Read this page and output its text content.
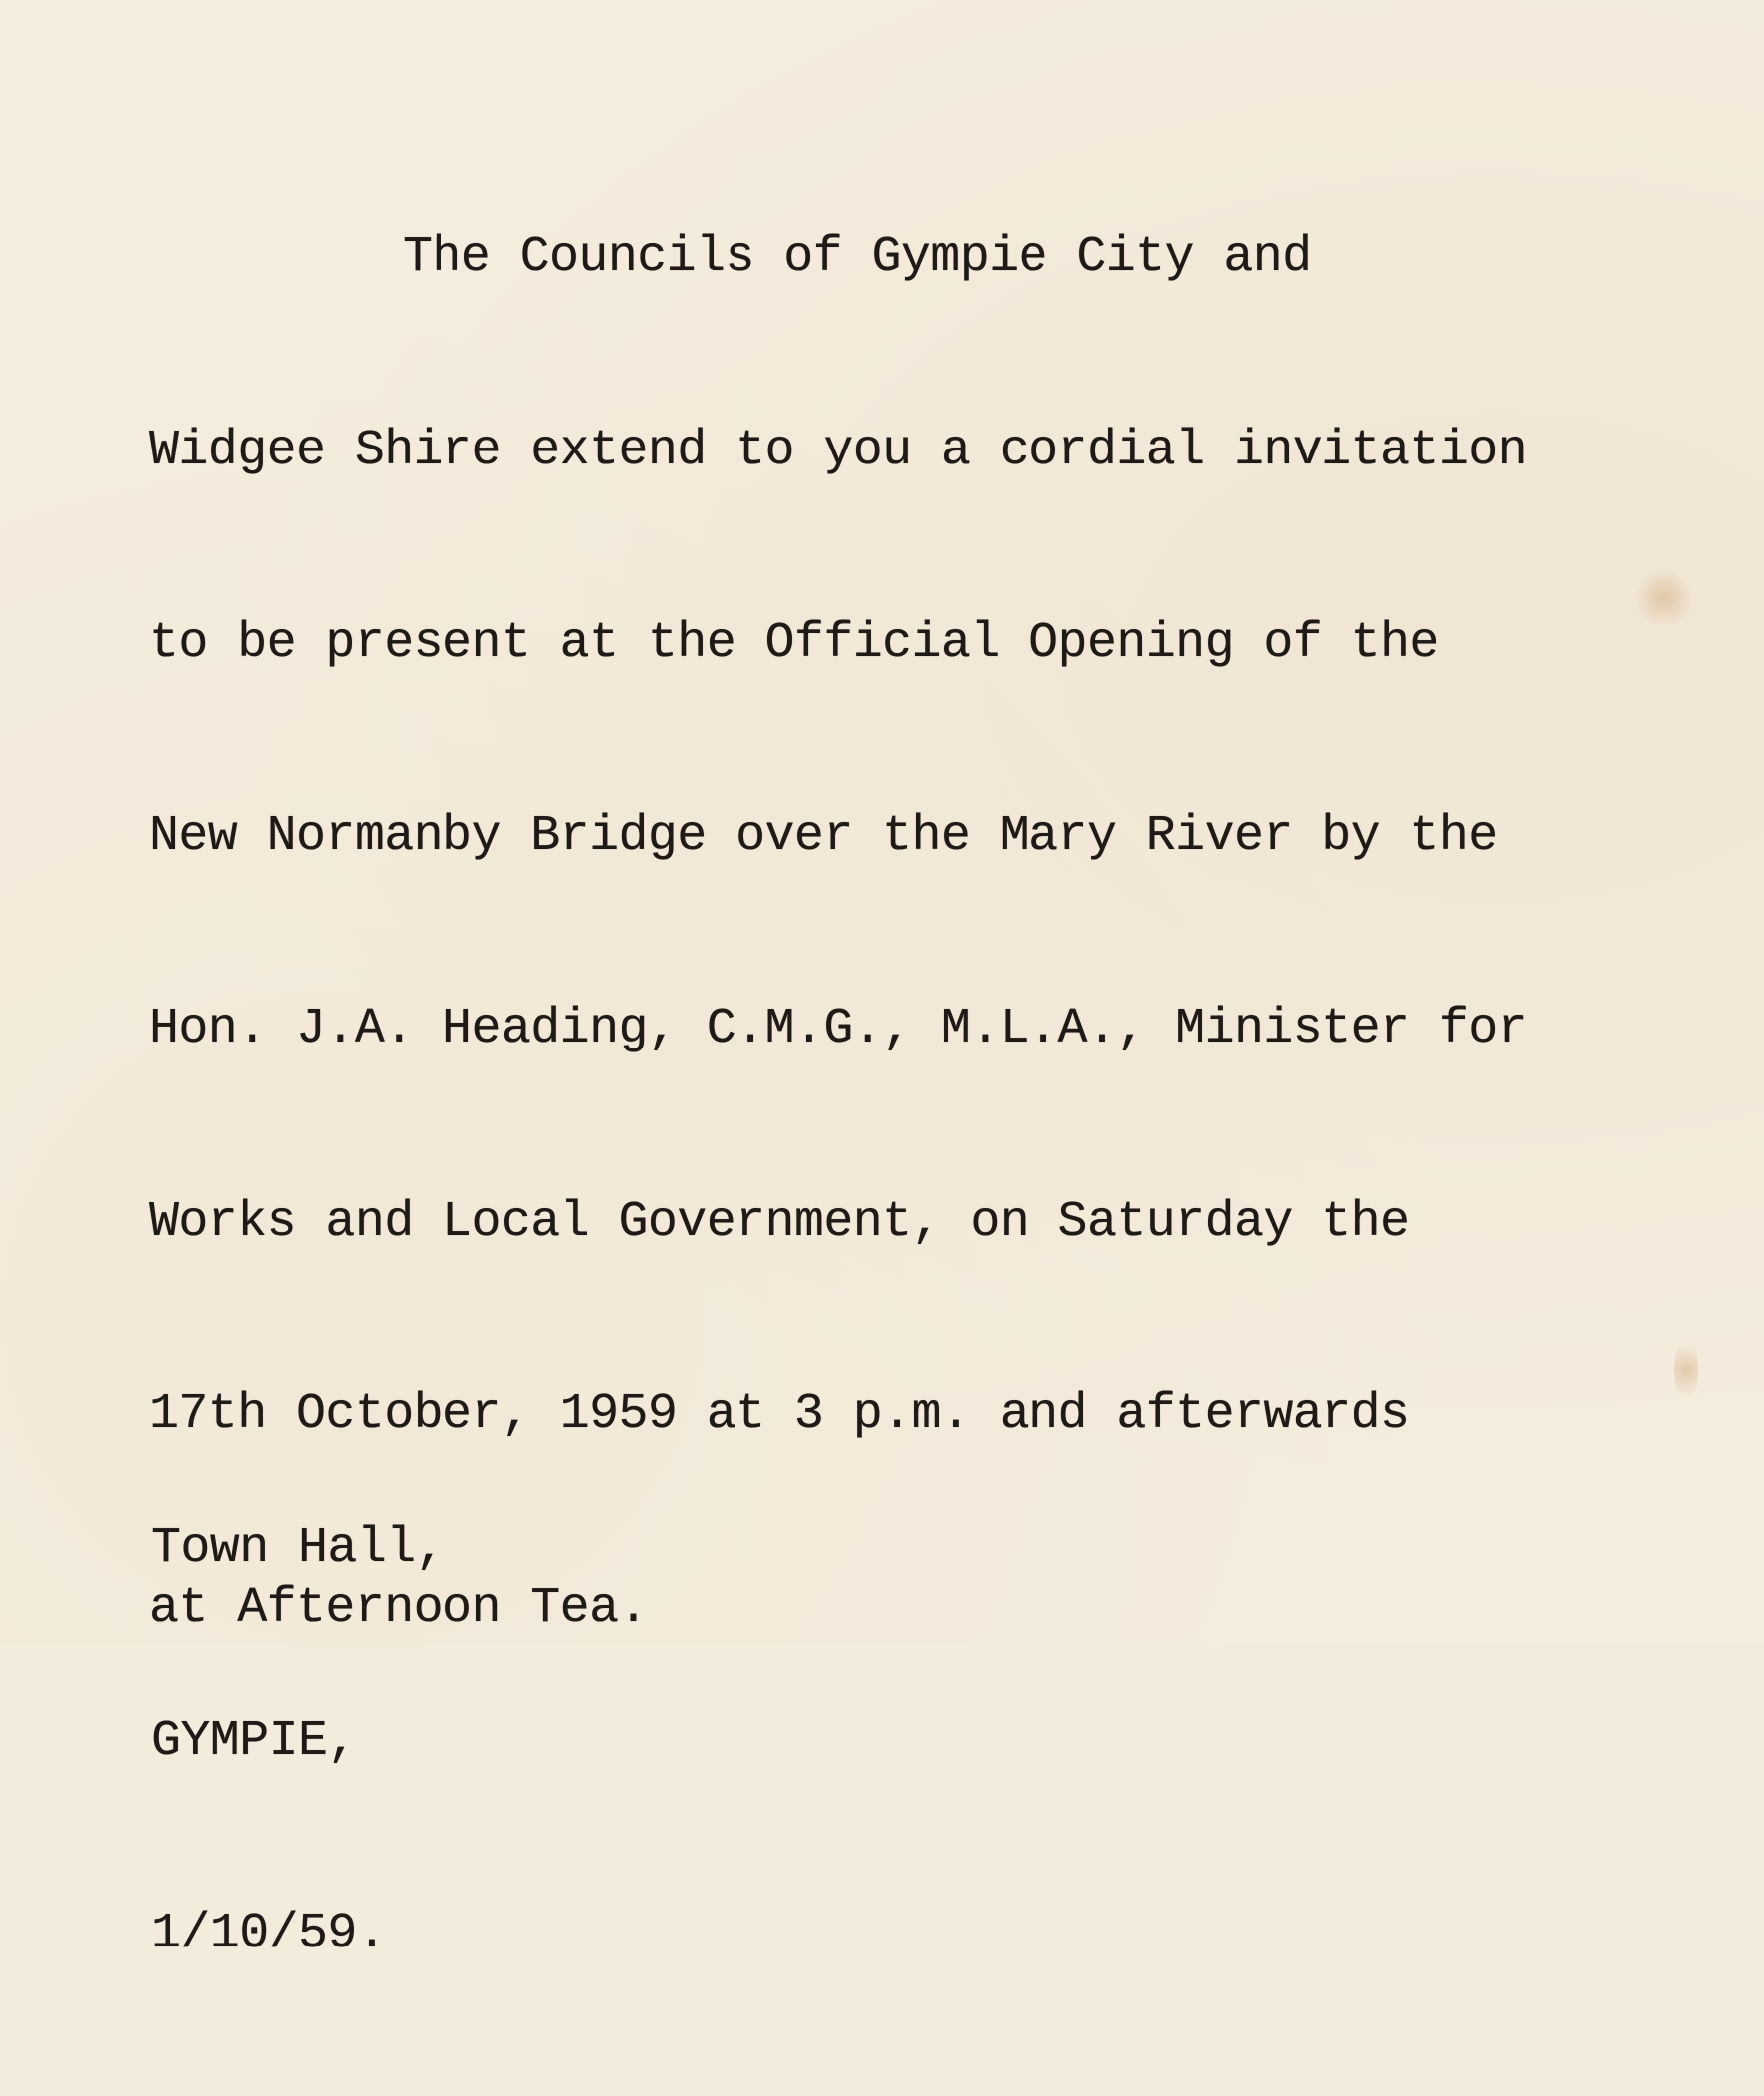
The Councils of Gympie City and

Widgee Shire extend to you a cordial invitation

to be present at the Official Opening of the

New Normanby Bridge over the Mary River by the

Hon. J.A. Heading, C.M.G., M.L.A., Minister for

Works and Local Government, on Saturday the

17th October, 1959 at 3 p.m. and afterwards

at Afternoon Tea.

Town Hall,

GYMPIE,

1/10/59.
